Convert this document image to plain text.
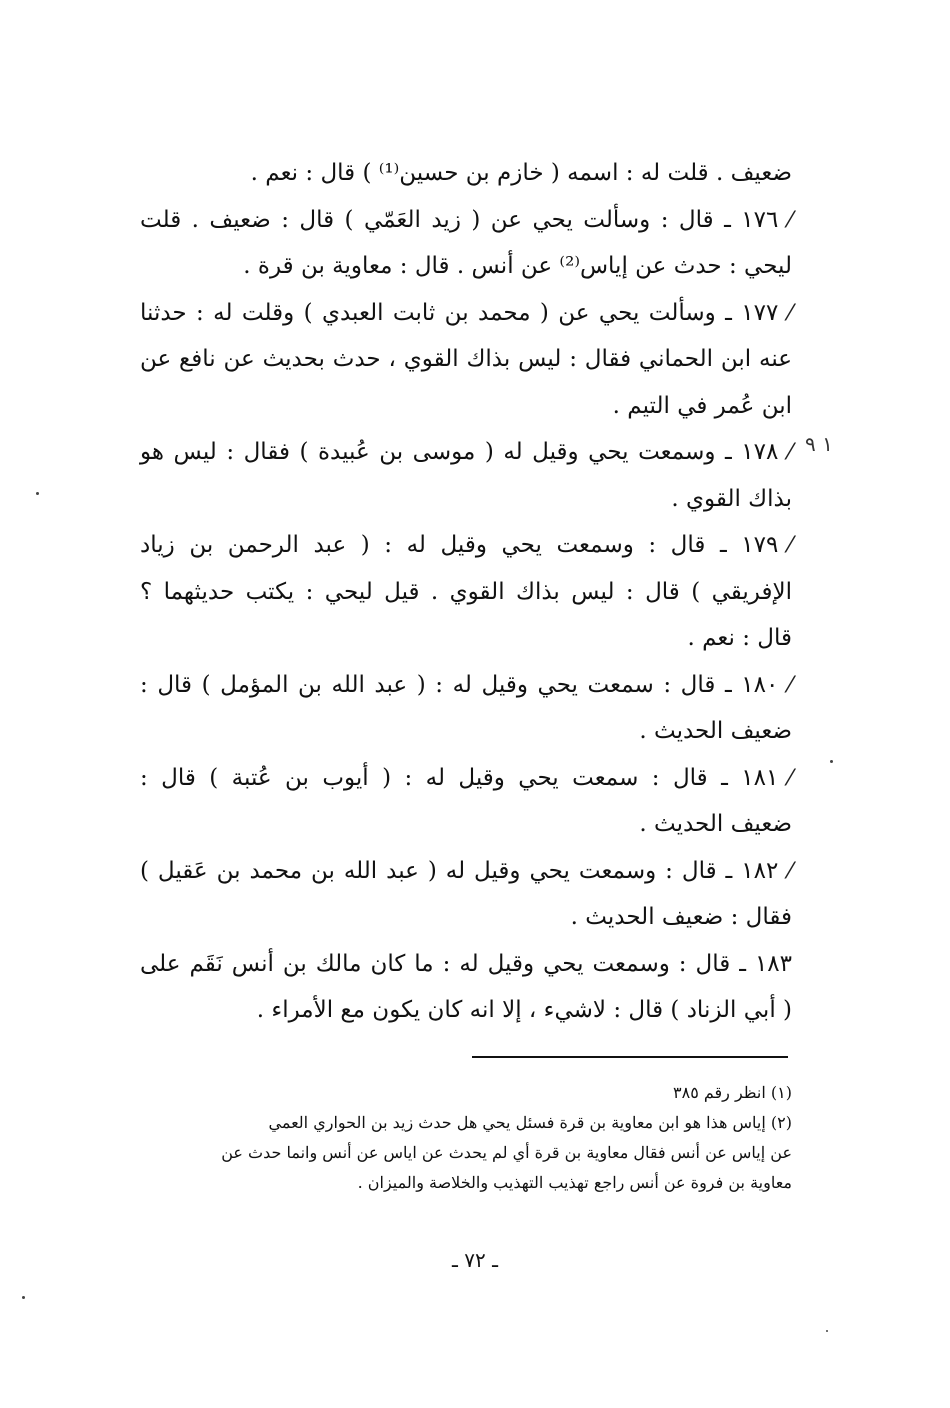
ضعيف . قلت له : اسمه ( خازم بن حسين⁽¹⁾ ) قال : نعم .
⁄١٧٦ ـ قال : وسألت يحي عن ( زيد العَمّي ) قال : ضعيف . قلت
ليحي : حدث عن إياس⁽²⁾ عن أنس . قال : معاوية بن قرة .
⁄١٧٧ ـ وسألت يحي عن ( محمد بن ثابت العبدي ) وقلت له : حدثنا
عنه ابن الحماني فقال : ليس بذاك القوي ، حدث بحديث عن نافع عن
ابن عُمر في التيم .
⁄١٧٨ ـ وسمعت يحي وقيل له ( موسى بن عُبيدة ) فقال : ليس هو
بذاك القوي .
⁄١٧٩ ـ قال : وسمعت يحي وقيل له : ( عبد الرحمن بن زياد
الإفريقي ) قال : ليس بذاك القوي . قيل ليحي : يكتب حديثهما ؟
قال : نعم .
⁄١٨٠ ـ قال : سمعت يحي وقيل له : ( عبد الله بن المؤمل ) قال :
ضعيف الحديث .
⁄١٨١ ـ قال : سمعت يحي وقيل له : ( أيوب بن عُتبة ) قال :
ضعيف الحديث .
⁄١٨٢ ـ قال : وسمعت يحي وقيل له ( عبد الله بن محمد بن عَقيل )
فقال : ضعيف الحديث .
١٨٣ ـ قال : وسمعت يحي وقيل له : ما كان مالك بن أنس نَقَم على
( أبي الزناد ) قال : لاشيء ، إلا انه كان يكون مع الأمراء .
١ ٩
(١) انظر رقم ٣٨٥
(٢) إياس هذا هو ابن معاوية بن قرة فسئل يحي هل حدث زيد بن الحواري العمي
عن إياس عن أنس فقال معاوية بن قرة أي لم يحدث عن اياس عن أنس وانما حدث عن
معاوية بن فروة عن أنس راجع تهذيب التهذيب والخلاصة والميزان .
ـ ٧٢ ـ
